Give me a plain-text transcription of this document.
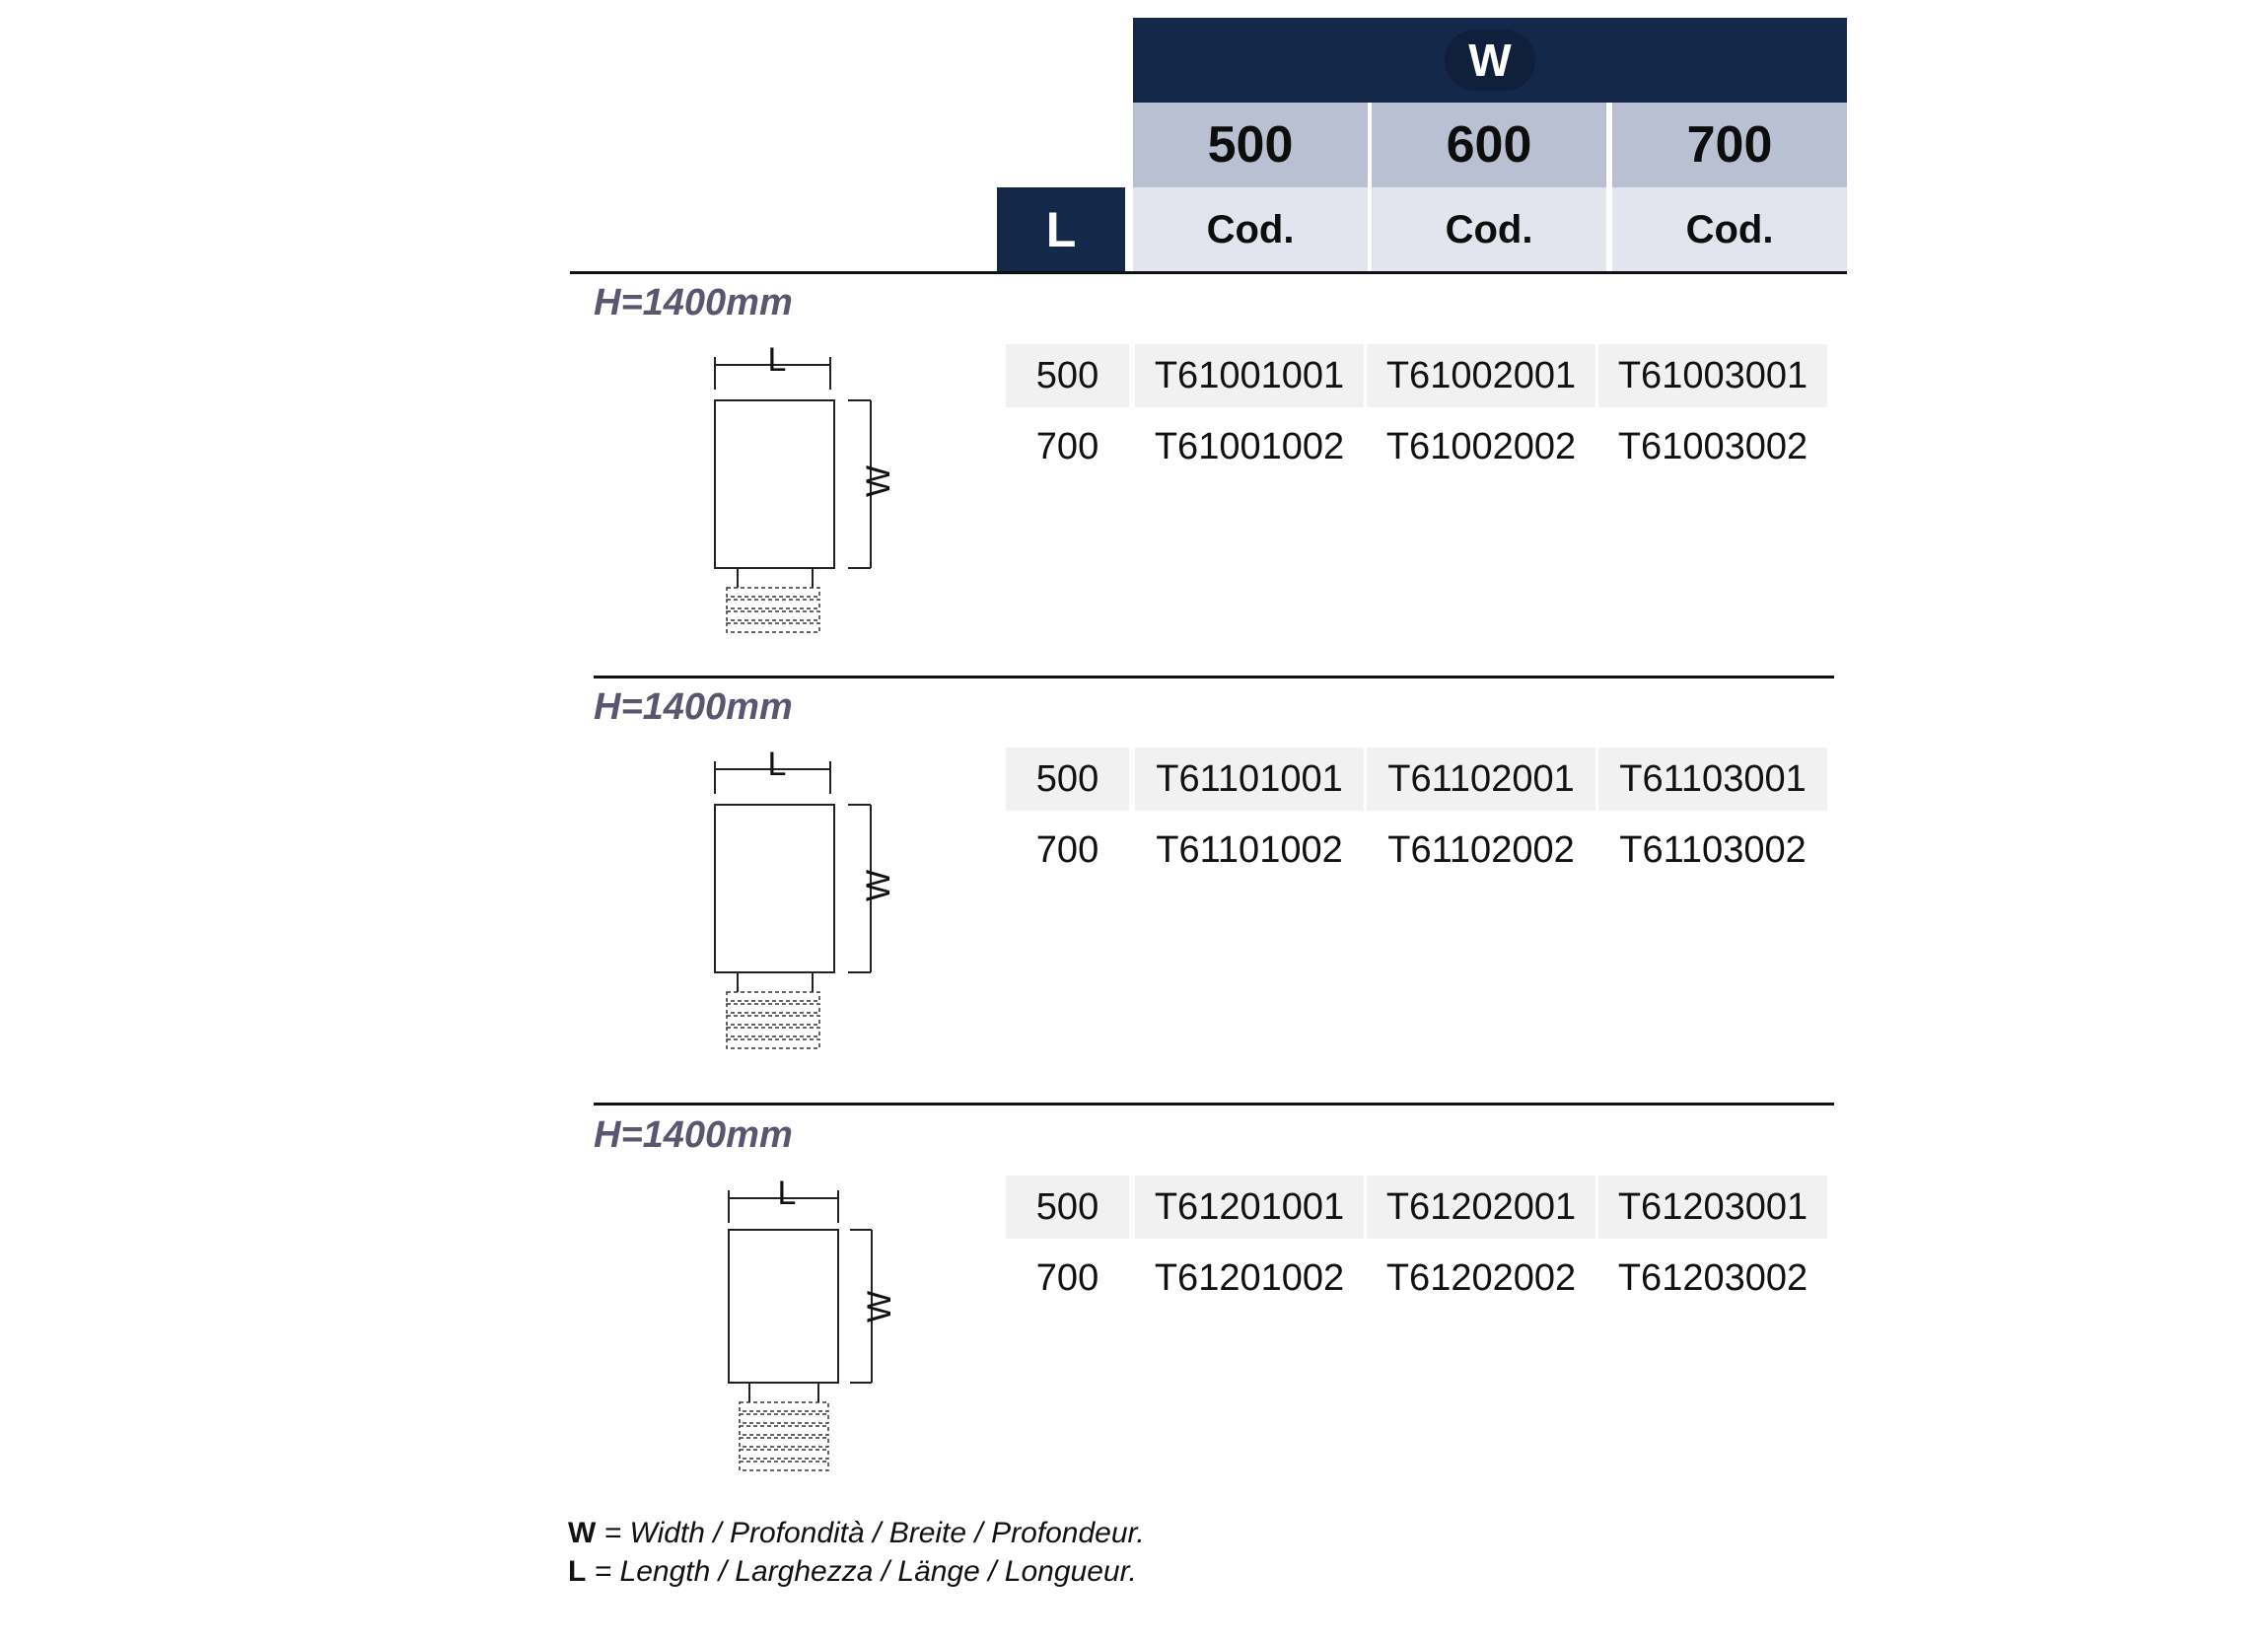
W
500	600	700
Cod.	Cod.	Cod.
L
H=1400mm
L
W
500	T61001001	T61002001	T61003001
700	T61001002	T61002002	T61003002
H=1400mm
L
W
500	T61101001	T61102001	T61103001
700	T61101002	T61102002	T61103002
H=1400mm
L
W
500	T61201001	T61202001	T61203001
700	T61201002	T61202002	T61203002
W = Width / Profondità / Breite / Profondeur.
L = Length / Larghezza / Länge / Longueur.
